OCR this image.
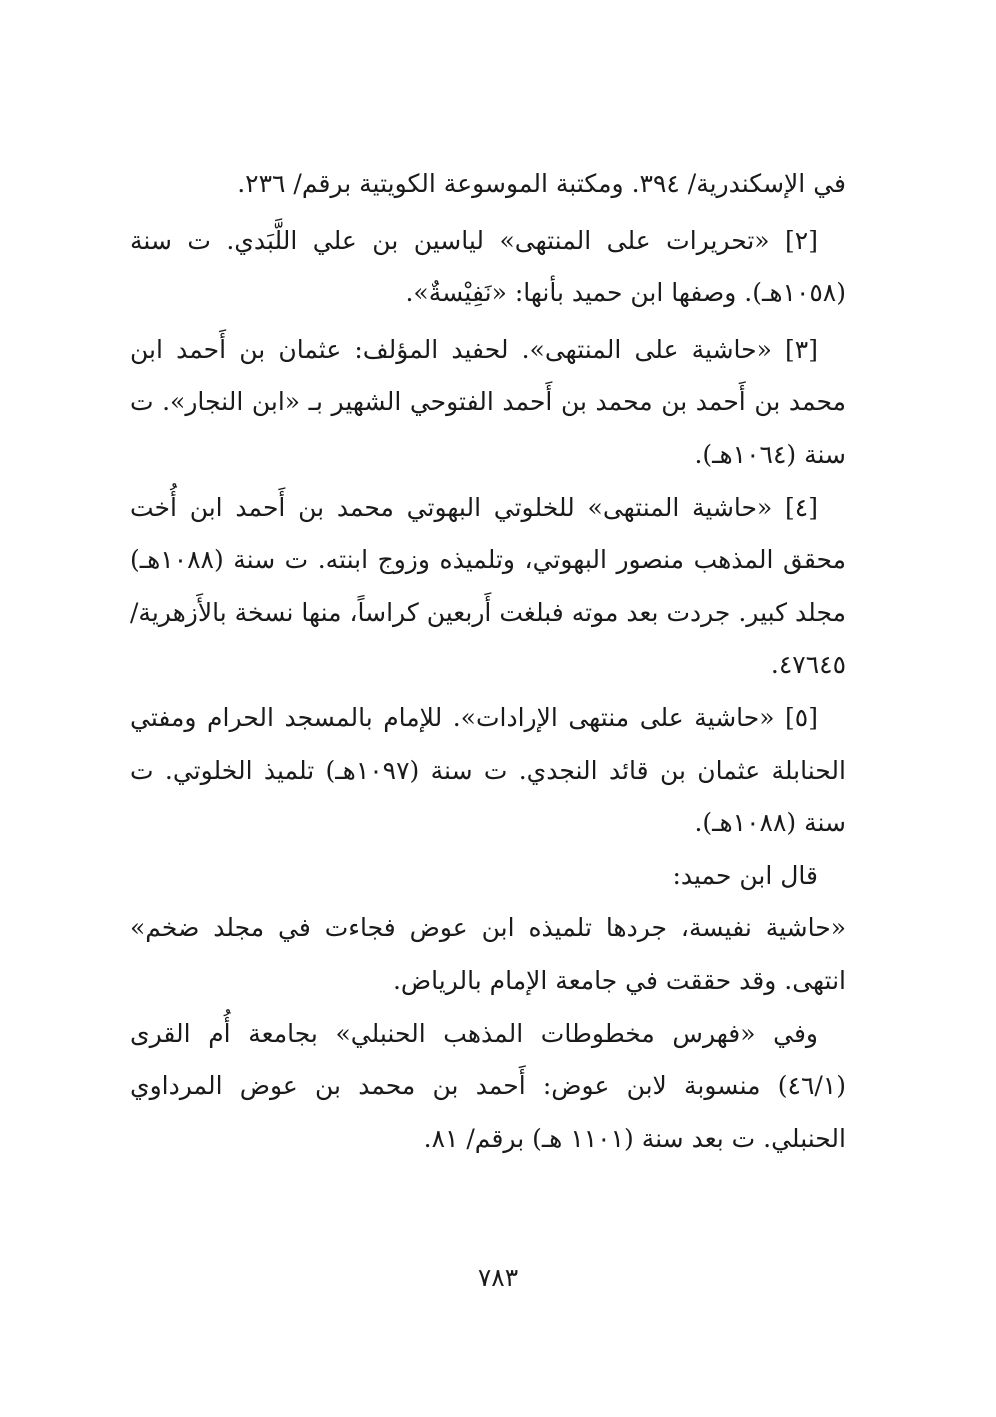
في الإسكندرية/ ٣٩٤. ومكتبة الموسوعة الكويتية برقم/ ٢٣٦.

[٢] «تحريرات على المنتهى» لياسين بن علي اللَّبَدي. ت سنة (١٠٥٨هـ). وصفها ابن حميد بأنها: «نَفِيْسةٌ».

[٣] «حاشية على المنتهى». لحفيد المؤلف: عثمان بن أَحمد ابن محمد بن أَحمد بن محمد بن أَحمد الفتوحي الشهير بـ «ابن النجار». ت سنة (١٠٦٤هـ).

[٤] «حاشية المنتهى» للخلوتي البهوتي محمد بن أَحمد ابن أُخت محقق المذهب منصور البهوتي، وتلميذه وزوج ابنته. ت سنة (١٠٨٨هـ) مجلد كبير. جردت بعد موته فبلغت أَربعين كراساً، منها نسخة بالأَزهرية/ ٤٧٦٤٥.

[٥] «حاشية على منتهى الإرادات». للإمام بالمسجد الحرام ومفتي الحنابلة عثمان بن قائد النجدي. ت سنة (١٠٩٧هـ) تلميذ الخلوتي. ت سنة (١٠٨٨هـ).

قال ابن حميد:

«حاشية نفيسة، جردها تلميذه ابن عوض فجاءت في مجلد ضخم» انتهى. وقد حققت في جامعة الإمام بالرياض.

وفي «فهرس مخطوطات المذهب الحنبلي» بجامعة أُم القرى (٤٦/١) منسوبة لابن عوض: أَحمد بن محمد بن عوض المرداوي الحنبلي. ت بعد سنة (١١٠١ هـ) برقم/ ٨١.

٧٨٣
